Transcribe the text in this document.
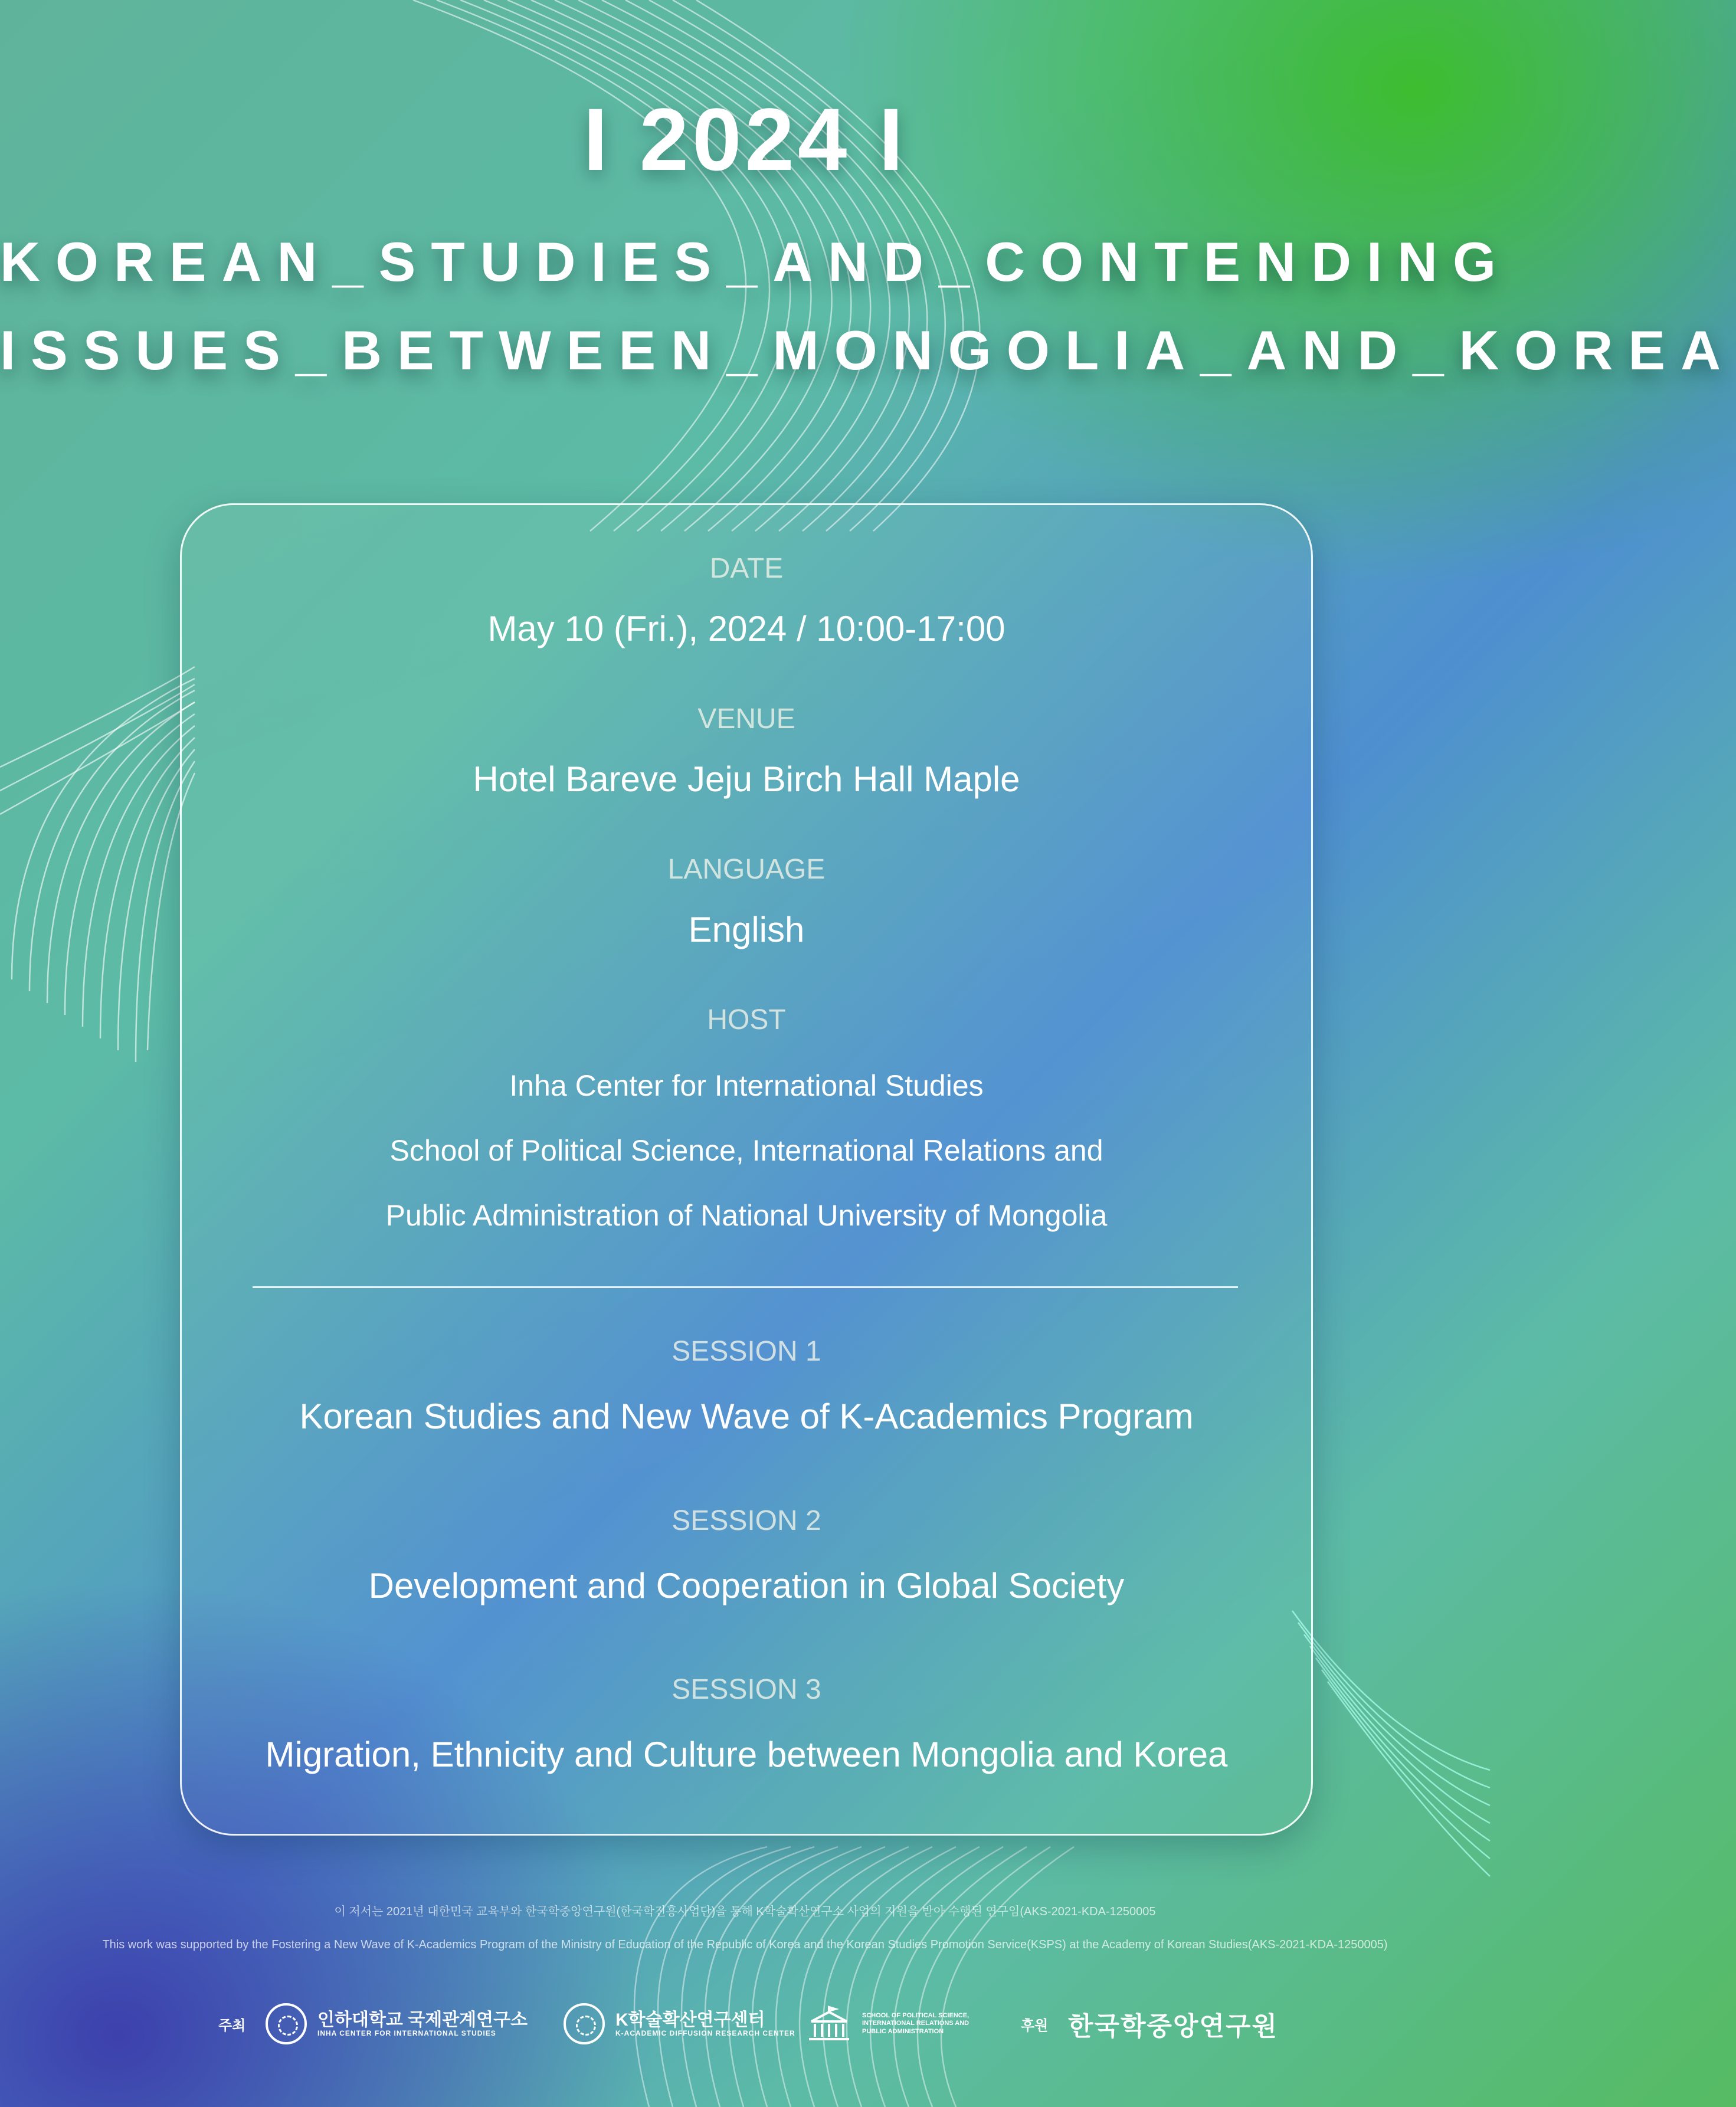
I 2024 I
KOREAN_STUDIES_AND_CONTENDING
ISSUES_BETWEEN_MONGOLIA_AND_KOREA
DATE
May 10 (Fri.), 2024 / 10:00-17:00
VENUE
Hotel Bareve Jeju Birch Hall Maple
LANGUAGE
English
HOST
Inha Center for International Studies
School of Political Science, International Relations and
Public Administration of National University of Mongolia
SESSION 1
Korean Studies and New Wave of K-Academics Program
SESSION 2
Development and Cooperation in Global Society
SESSION 3
Migration, Ethnicity and Culture between Mongolia and Korea
이 저서는 2021년 대한민국 교육부와 한국학중앙연구원(한국학진흥사업단)을 통해 K학술확산연구소 사업의 지원을 받아 수행된 연구임(AKS-2021-KDA-1250005
This work was supported by the Fostering a New Wave of K-Academics Program of the Ministry of Education of the Republic of Korea and the Korean Studies Promotion Service(KSPS) at the Academy of Korean Studies(AKS-2021-KDA-1250005)
주최	인하대학교 국제관계연구소
INHA CENTER FOR INTERNATIONAL STUDIES
K학술확산연구센터
K-ACADEMIC DIFFUSION RESEARCH CENTER
SCHOOL OF POLITICAL SCIENCE,
INTERNATIONAL RELATIONS AND
PUBLIC ADMINISTRATION	후원 한국학중앙연구원
